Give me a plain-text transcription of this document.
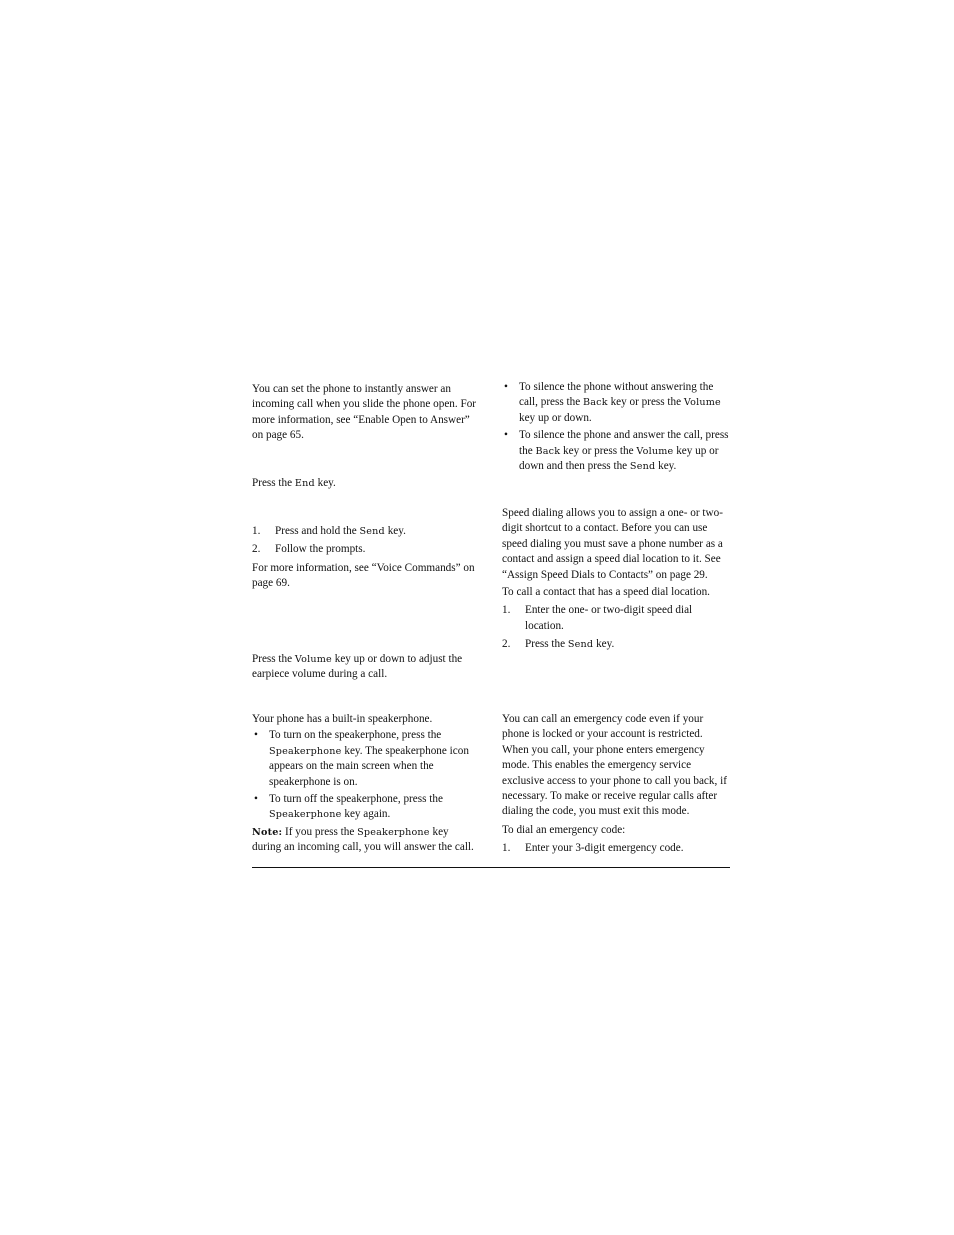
You can set the phone to instantly answer an incoming call when you slide the phone open. For more information, see “Enable Open to Answer” on page 65.

Press the End key.

1. Press and hold the Send key.
2. Follow the prompts.

For more information, see “Voice Commands” on page 69.

Press the Volume key up or down to adjust the earpiece volume during a call.

Your phone has a built-in speakerphone.

• To turn on the speakerphone, press the Speakerphone key. The speakerphone icon appears on the main screen when the speakerphone is on.
• To turn off the speakerphone, press the Speakerphone key again.

Note: If you press the Speakerphone key during an incoming call, you will answer the call.

• To silence the phone without answering the call, press the Back key or press the Volume key up or down.
• To silence the phone and answer the call, press the Back key or press the Volume key up or down and then press the Send key.

Speed dialing allows you to assign a one- or two-digit shortcut to a contact. Before you can use speed dialing you must save a phone number as a contact and assign a speed dial location to it. See “Assign Speed Dials to Contacts” on page 29.

To call a contact that has a speed dial location.

1. Enter the one- or two-digit speed dial location.
2. Press the Send key.

You can call an emergency code even if your phone is locked or your account is restricted. When you call, your phone enters emergency mode. This enables the emergency service exclusive access to your phone to call you back, if necessary. To make or receive regular calls after dialing the code, you must exit this mode.

To dial an emergency code:

1. Enter your 3-digit emergency code.
